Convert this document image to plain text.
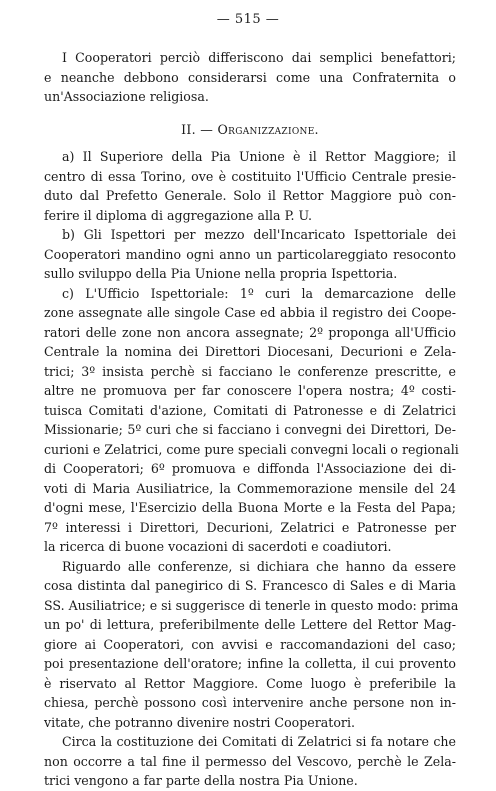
— 515 —
I Cooperatori perciò differiscono dai semplici benefattori;
e neanche debbono considerarsi come una Confraternita o
un'Associazione religiosa.
II. — Organizzazione.
a) Il Superiore della Pia Unione è il Rettor Maggiore; il
centro di essa Torino, ove è costituito l'Ufficio Centrale presie-
duto dal Prefetto Generale. Solo il Rettor Maggiore può con-
ferire il diploma di aggregazione alla P. U.
b) Gli Ispettori per mezzo dell'Incaricato Ispettoriale dei
Cooperatori mandino ogni anno un particolareggiato resoconto
sullo sviluppo della Pia Unione nella propria Ispettoria.
c) L'Ufficio Ispettoriale: 1º curi la demarcazione delle
zone assegnate alle singole Case ed abbia il registro dei Coope-
ratori delle zone non ancora assegnate; 2º proponga all'Ufficio
Centrale la nomina dei Direttori Diocesani, Decurioni e Zela-
trici; 3º insista perchè si facciano le conferenze prescritte, e
altre ne promuova per far conoscere l'opera nostra; 4º costi-
tuisca Comitati d'azione, Comitati di Patronesse e di Zelatrici
Missionarie; 5º curi che si facciano i convegni dei Direttori, De-
curioni e Zelatrici, come pure speciali convegni locali o regionali
di Cooperatori; 6º promuova e diffonda l'Associazione dei di-
voti di Maria Ausiliatrice, la Commemorazione mensile del 24
d'ogni mese, l'Esercizio della Buona Morte e la Festa del Papa;
7º interessi i Direttori, Decurioni, Zelatrici e Patronesse per
la ricerca di buone vocazioni di sacerdoti e coadiutori.
Riguardo alle conferenze, si dichiara che hanno da essere
cosa distinta dal panegirico di S. Francesco di Sales e di Maria
SS. Ausiliatrice; e si suggerisce di tenerle in questo modo: prima
un po' di lettura, preferibilmente delle Lettere del Rettor Mag-
giore ai Cooperatori, con avvisi e raccomandazioni del caso;
poi presentazione dell'oratore; infine la colletta, il cui provento
è riservato al Rettor Maggiore. Come luogo è preferibile la
chiesa, perchè possono così intervenire anche persone non in-
vitate, che potranno divenire nostri Cooperatori.
Circa la costituzione dei Comitati di Zelatrici si fa notare che
non occorre a tal fine il permesso del Vescovo, perchè le Zela-
trici vengono a far parte della nostra Pia Unione.
